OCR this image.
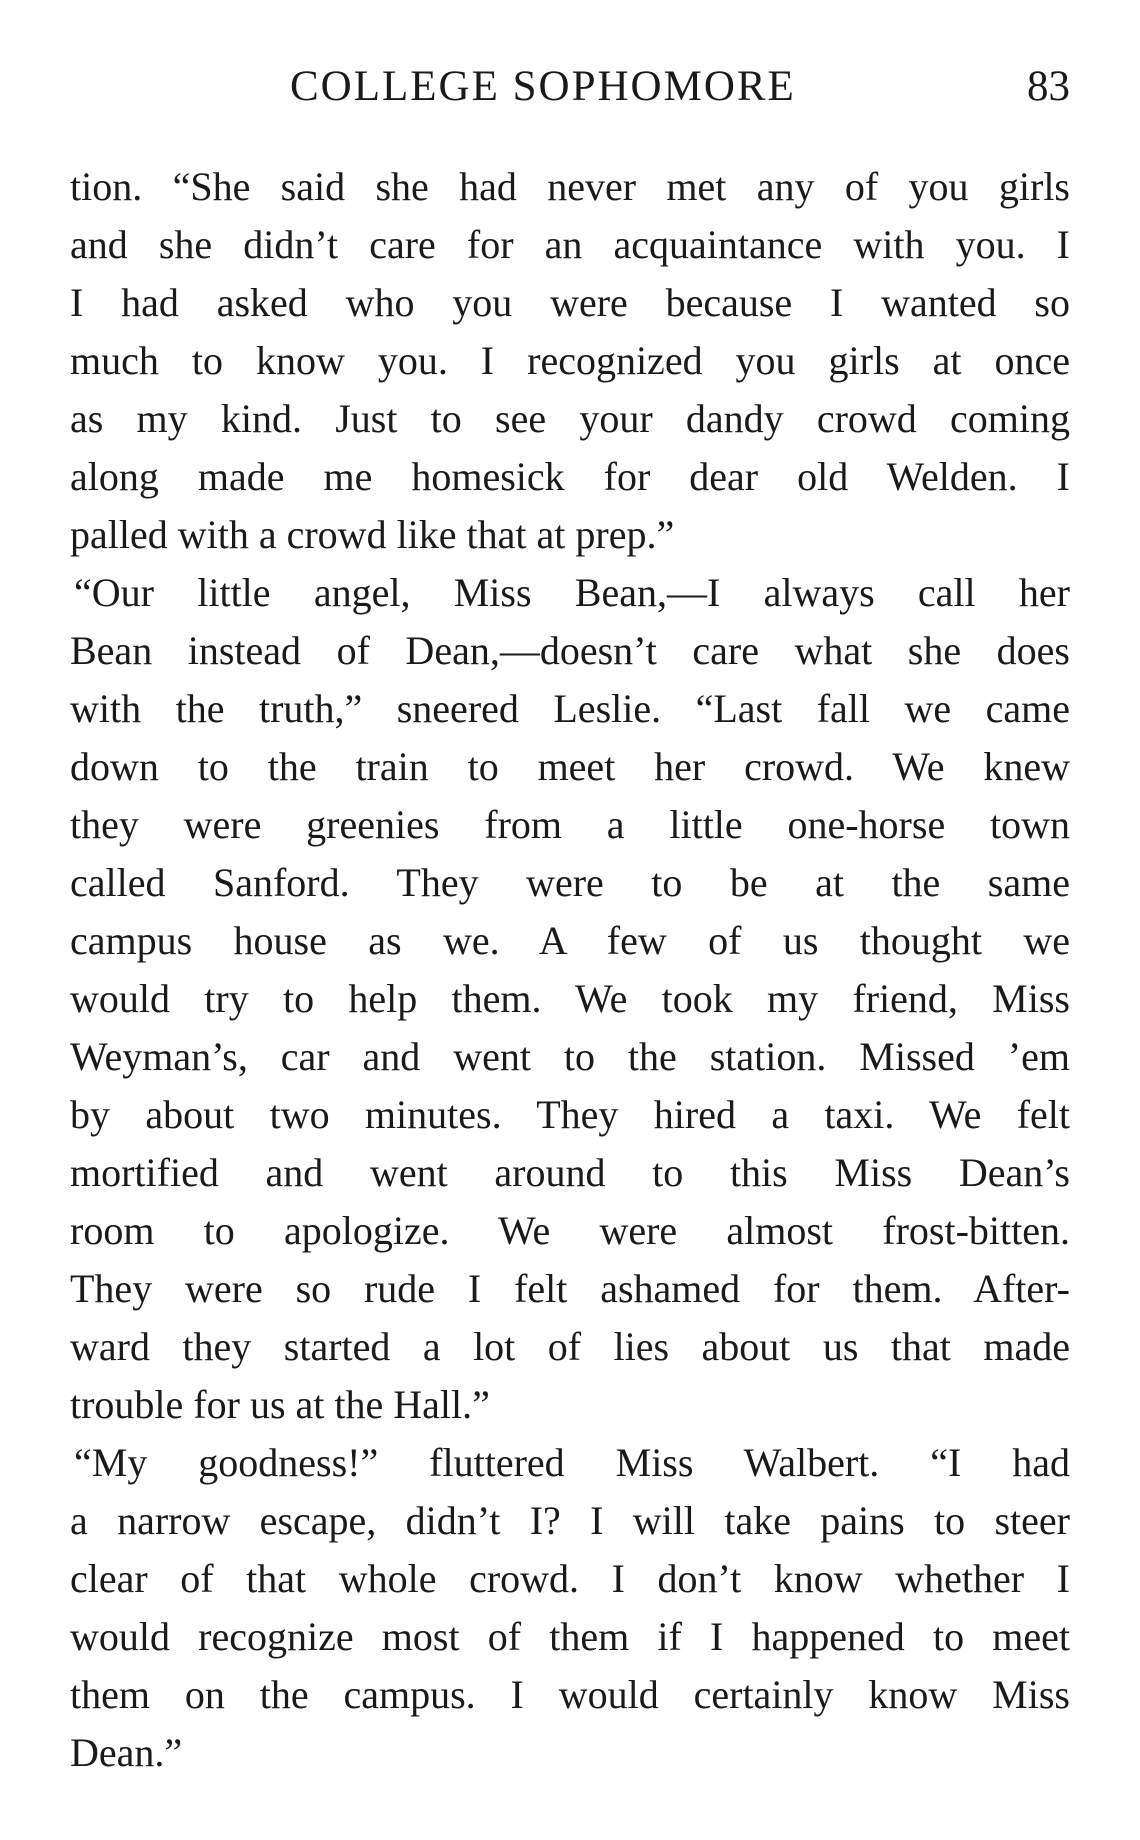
COLLEGE SOPHOMORE	83
tion. “She said she had never met any of you girls
and she didn’t care for an acquaintance with you. I
I had asked who you were because I wanted so
much to know you. I recognized you girls at once
as my kind. Just to see your dandy crowd coming
along made me homesick for dear old Welden. I
palled with a crowd like that at prep.”
“Our little angel, Miss Bean,—I always call her
Bean instead of Dean,—doesn’t care what she does
with the truth,” sneered Leslie. “Last fall we came
down to the train to meet her crowd. We knew
they were greenies from a little one-horse town
called Sanford. They were to be at the same
campus house as we. A few of us thought we
would try to help them. We took my friend, Miss
Weyman’s, car and went to the station. Missed ’em
by about two minutes. They hired a taxi. We felt
mortified and went around to this Miss Dean’s
room to apologize. We were almost frost-bitten.
They were so rude I felt ashamed for them. After-
ward they started a lot of lies about us that made
trouble for us at the Hall.”
“My goodness!” fluttered Miss Walbert. “I had
a narrow escape, didn’t I? I will take pains to steer
clear of that whole crowd. I don’t know whether I
would recognize most of them if I happened to meet
them on the campus. I would certainly know Miss
Dean.”
